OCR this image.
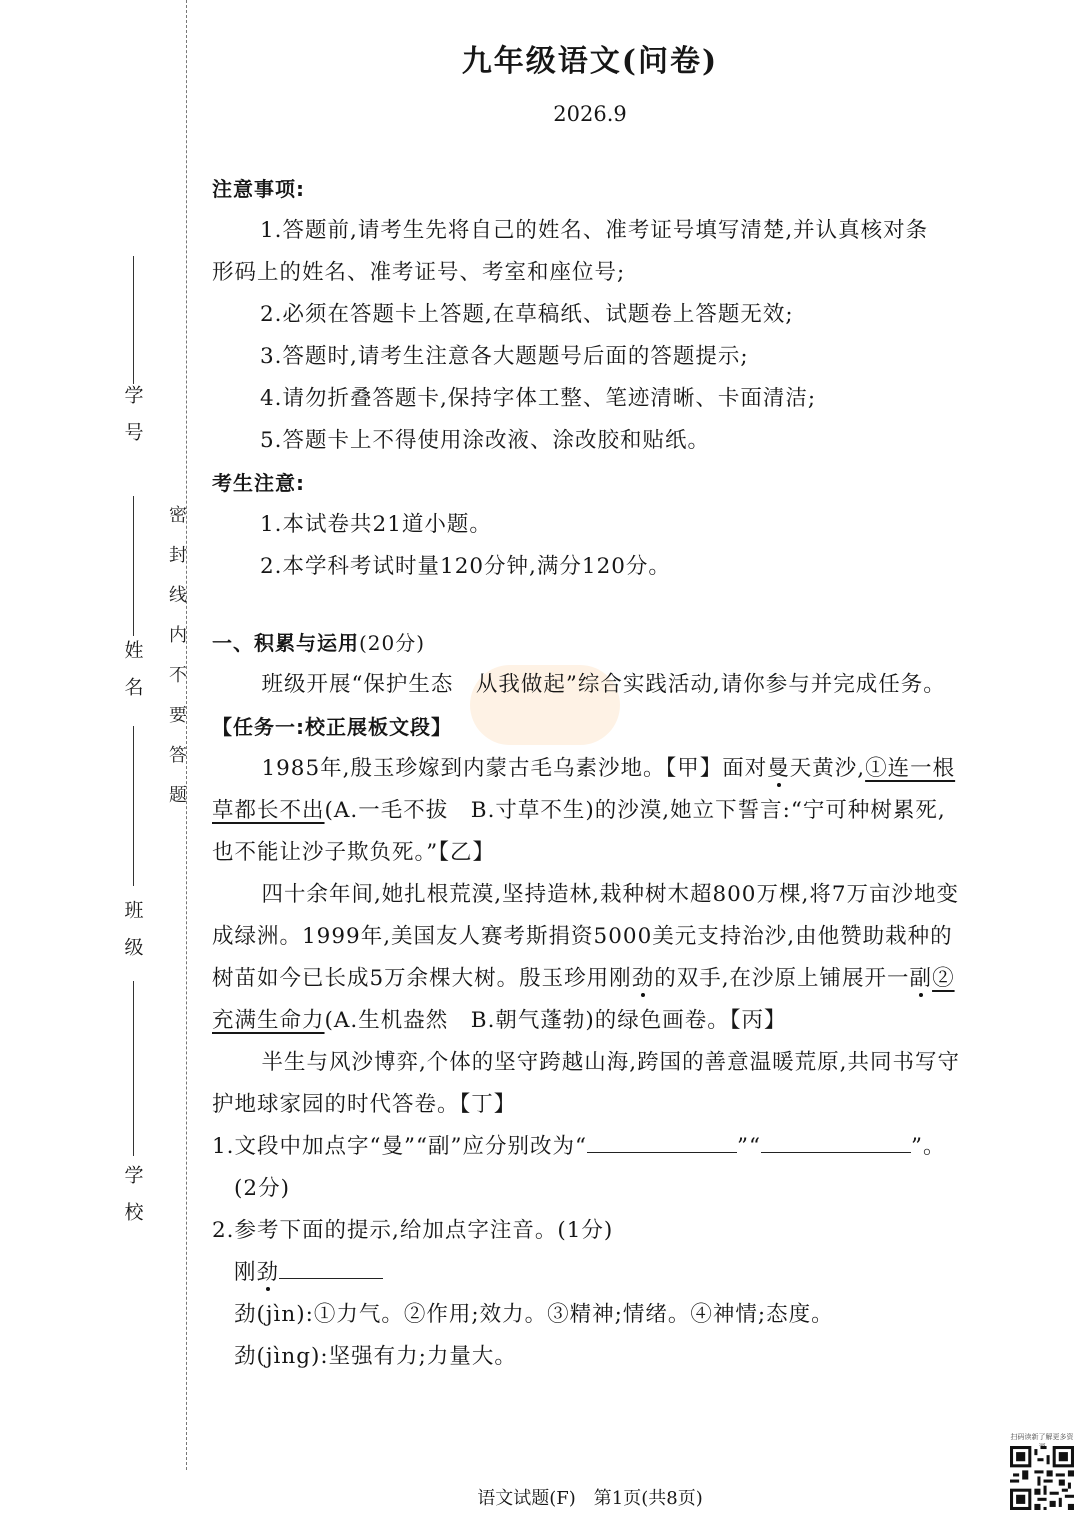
学号
姓名
班级
学校
密封线内不要答题
九年级语文(问卷)
2026.9
注意事项:

1.答题前,请考生先将自己的姓名、准考证号填写清楚,并认真核对条

形码上的姓名、准考证号、考室和座位号;

2.必须在答题卡上答题,在草稿纸、试题卷上答题无效;

3.答题时,请考生注意各大题题号后面的答题提示;

4.请勿折叠答题卡,保持字体工整、笔迹清晰、卡面清洁;

5.答题卡上不得使用涂改液、涂改胶和贴纸。

考生注意:

1.本试卷共21道小题。

2.本学科考试时量120分钟,满分120分。

一、积累与运用(20分)

班级开展“保护生态　从我做起”综合实践活动,请你参与并完成任务。

【任务一:校正展板文段】

1985年,殷玉珍嫁到内蒙古毛乌素沙地。【甲】面对曼天黄沙,①连一根草都长不出(A.一毛不拔　B.寸草不生)的沙漠,她立下誓言:“宁可种树累死,也不能让沙子欺负死。”【乙】

四十余年间,她扎根荒漠,坚持造林,栽种树木超800万棵,将7万亩沙地变成绿洲。1999年,美国友人赛考斯捐资5000美元支持治沙,由他赞助栽种的树苗如今已长成5万余棵大树。殷玉珍用刚劲的双手,在沙原上铺展开一副②充满生命力(A.生机盎然　B.朝气蓬勃)的绿色画卷。【丙】

半生与风沙博弈,个体的坚守跨越山海,跨国的善意温暖荒原,共同书写守护地球家园的时代答卷。【丁】

1.文段中加点字“曼”“副”应分别改为“	”“	”。

(2分)

2.参考下面的提示,给加点字注音。(1分)

刚劲

劲(jìn):①力气。②作用;效力。③精神;情绪。④神情;态度。

劲(jìng):坚强有力;力量大。

语文试题(F)　第1页(共8页)
扫码读新了解更多资
